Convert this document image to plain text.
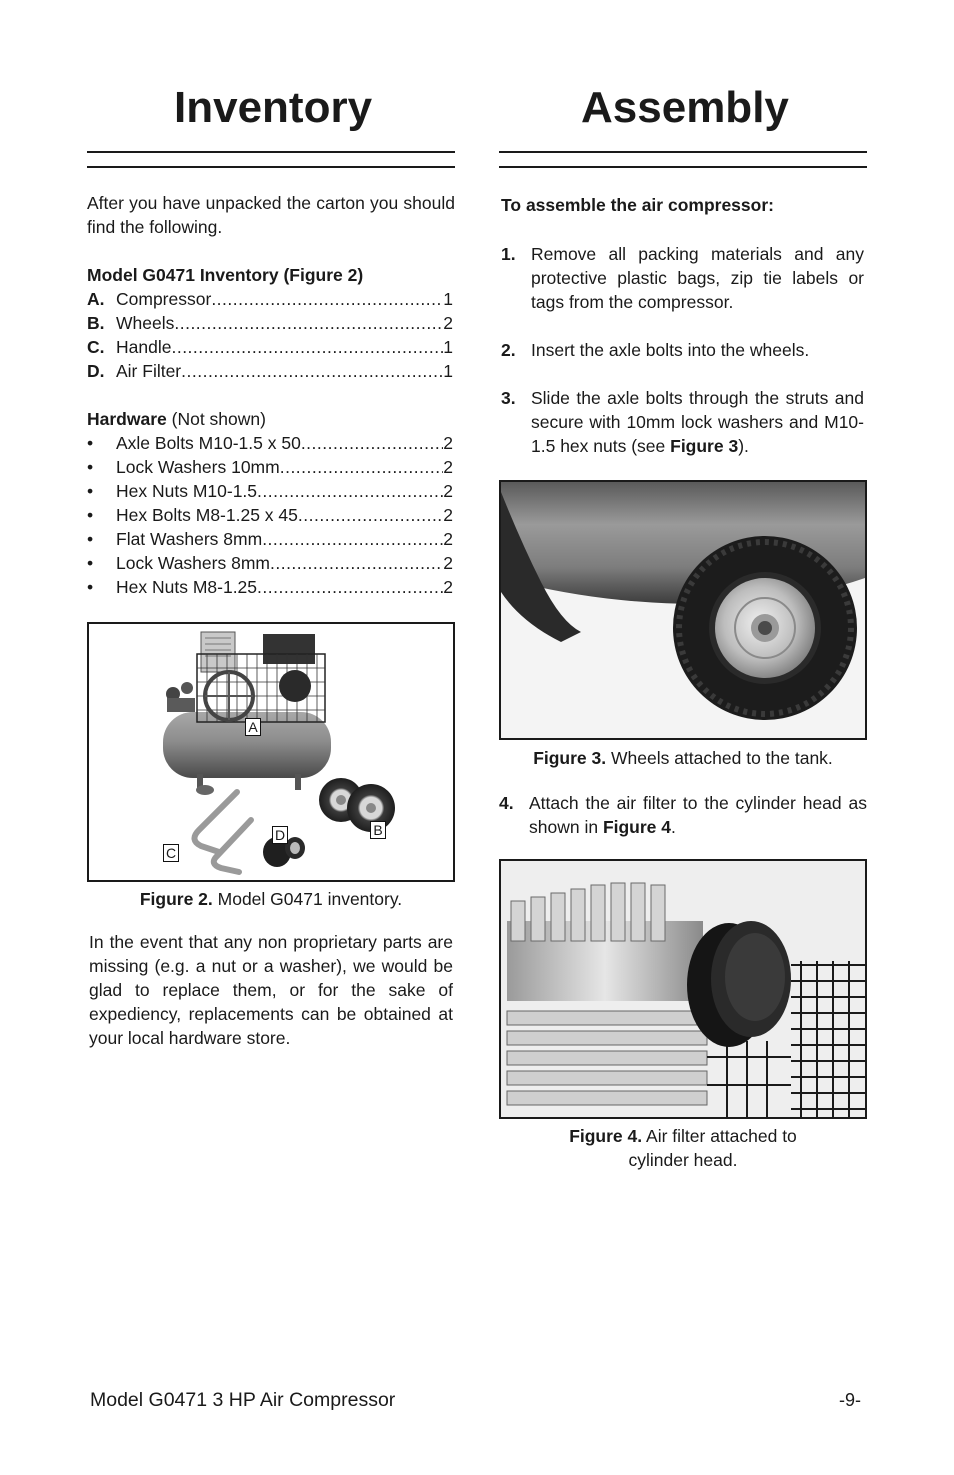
Inventory	Assembly

After you have unpacked the carton you should find the following.

Model G0471 Inventory (Figure 2)
A. Compressor .....	1
B. Wheels .....	2
C. Handle .....	1
D. Air Filter .....	1
Hardware (Not shown)
•	Axle Bolts M10-1.5 x 50 .....	2
•	Lock Washers 10mm .....	2
•	Hex Nuts M10-1.5 .....	2
•	Hex Bolts M8-1.25 x 45 .....	2
•	Flat Washers 8mm .....	2
•	Lock Washers 8mm .....	2
•	Hex Nuts M8-1.25 .....	2
A
B
C
D

Figure 2. Model G0471 inventory.

In the event that any non proprietary parts are missing (e.g. a nut or a washer), we would be glad to replace them, or for the sake of expediency, replacements can be obtained at your local hardware store.

To assemble the air compressor:

1. Remove all packing materials and any protective plastic bags, zip tie labels or tags from the compressor.
2. Insert the axle bolts into the wheels.
3. Slide the axle bolts through the struts and secure with 10mm lock washers and M10-1.5 hex nuts (see Figure 3).

Figure 3. Wheels attached to the tank.

4. Attach the air filter to the cylinder head as shown in Figure 4.

Figure 4. Air filter attached to
cylinder head.

Model G0471 3 HP Air Compressor	-9-
